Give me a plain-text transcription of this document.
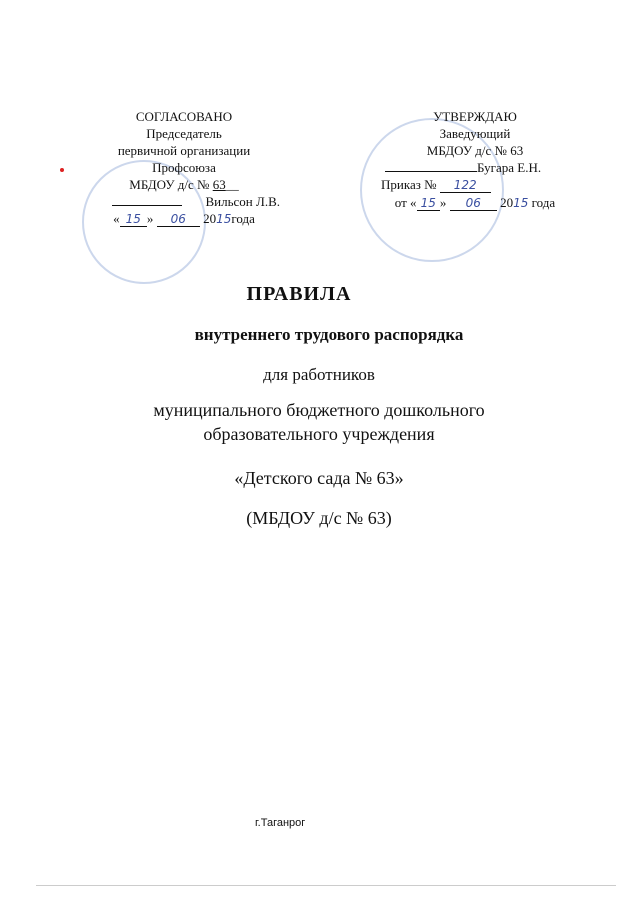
СОГЛАСОВАНО
Председатель
первичной организации
Профсоюза
МБДОУ д/с № 63__
Вильсон Л.В.
« 15 » 06 2015года
УТВЕРЖДАЮ
Заведующий
МБДОУ д/с № 63
Бугара Е.Н.
Приказ № 122
от « 15 » 06 2015 года
ПРАВИЛА
внутреннего трудового распорядка
для работников
муниципального бюджетного дошкольного
образовательного учреждения
«Детского сада № 63»
(МБДОУ д/с № 63)
г.Таганрог
